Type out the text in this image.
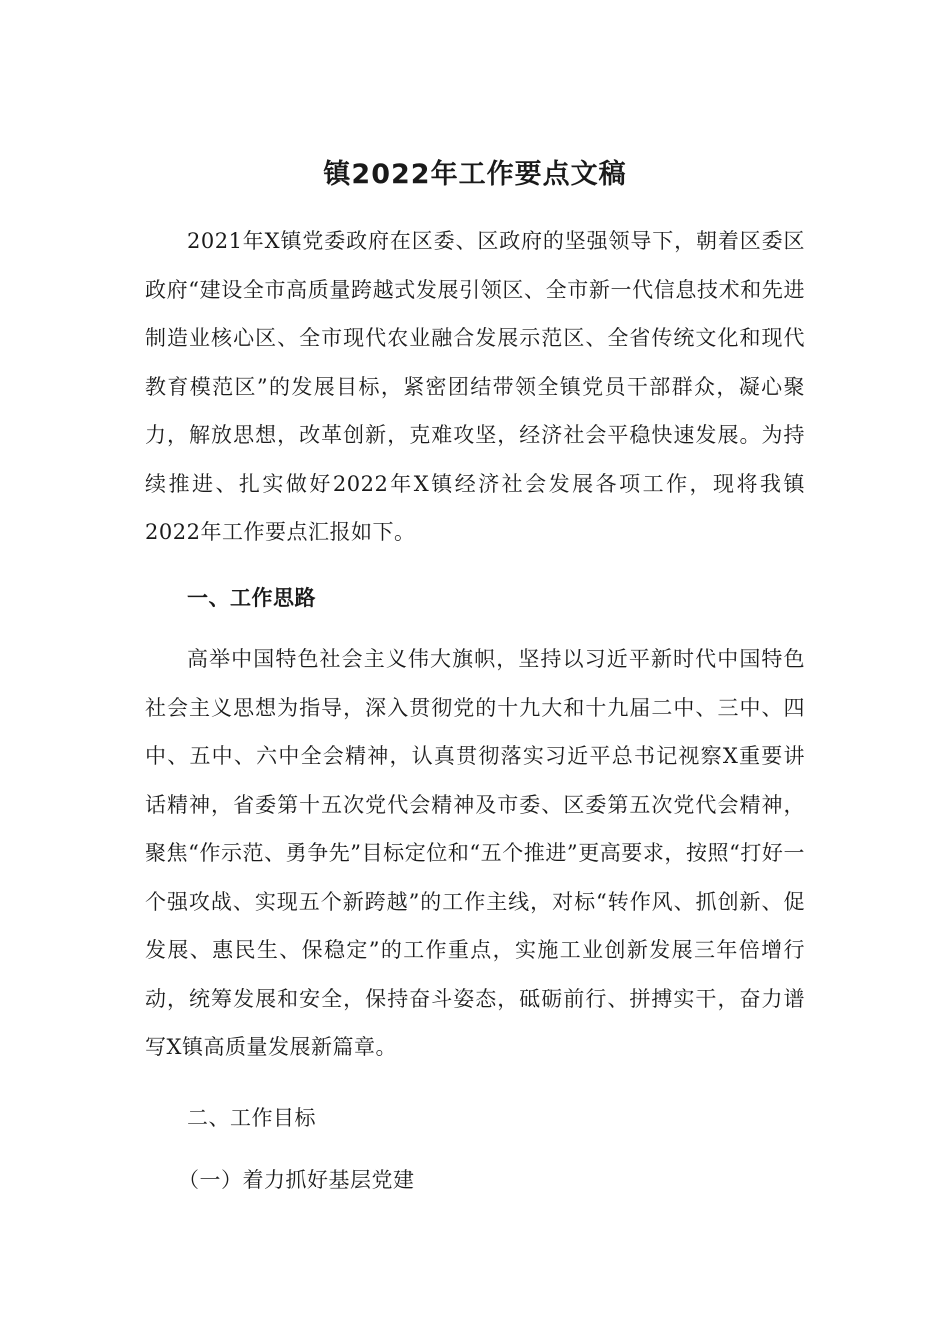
镇2022年工作要点文稿

2021年X镇党委政府在区委、区政府的坚强领导下，朝着区委区政府“建设全市高质量跨越式发展引领区、全市新一代信息技术和先进制造业核心区、全市现代农业融合发展示范区、全省传统文化和现代教育模范区”的发展目标，紧密团结带领全镇党员干部群众，凝心聚力，解放思想，改革创新，克难攻坚，经济社会平稳快速发展。为持续推进、扎实做好2022年X镇经济社会发展各项工作，现将我镇2022年工作要点汇报如下。

一、工作思路

高举中国特色社会主义伟大旗帜，坚持以习近平新时代中国特色社会主义思想为指导，深入贯彻党的十九大和十九届二中、三中、四中、五中、六中全会精神，认真贯彻落实习近平总书记视察X重要讲话精神，省委第十五次党代会精神及市委、区委第五次党代会精神，聚焦“作示范、勇争先”目标定位和“五个推进”更高要求，按照“打好一个强攻战、实现五个新跨越”的工作主线，对标“转作风、抓创新、促发展、惠民生、保稳定”的工作重点，实施工业创新发展三年倍增行动，统筹发展和安全，保持奋斗姿态，砥砺前行、拼搏实干，奋力谱写X镇高质量发展新篇章。

二、工作目标

（一）着力抓好基层党建
